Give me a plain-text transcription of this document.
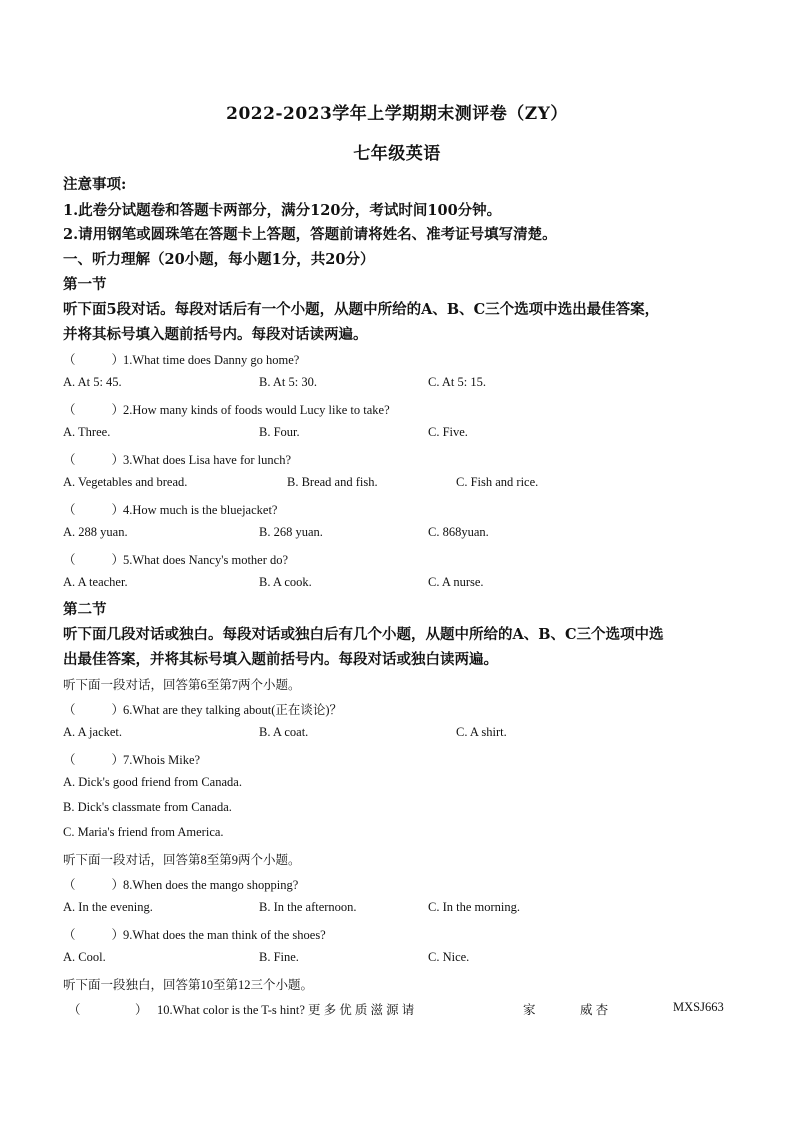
2022-2023学年上学期期末测评卷（ZY）
七年级英语
注意事项:
1.此卷分试题卷和答题卡两部分，满分120分，考试时间100分钟。
2.请用钢笔或圆珠笔在答题卡上答题，答题前请将姓名、准考证号填写清楚。
一、听力理解（20小题，每小题1分，共20分）
第一节
听下面5段对话。每段对话后有一个小题，从题中所给的A、B、C三个选项中选出最佳答案，
并将其标号填入题前括号内。每段对话读两遍。
（	）1.What time does Danny go home?
A. At 5: 45.	B. At 5: 30.	C. At 5: 15.
（	）2.How many kinds of foods would Lucy like to take?
A. Three.	B. Four.	C. Five.
（	）3.What does Lisa have for lunch?
A. Vegetables and bread.	B. Bread and fish.	C. Fish and rice.
（	）4.How much is the bluejacket?
A. 288 yuan.	B. 268 yuan.	C. 868yuan.
（	）5.What does Nancy's mother do?
A. A teacher.	B. A cook.	C. A nurse.
第二节
听下面几段对话或独白。每段对话或独白后有几个小题，从题中所给的A、B、C三个选项中选
出最佳答案，并将其标号填入题前括号内。每段对话或独白读两遍。
听下面一段对话，回答第6至第7两个小题。
（	）6.What are they talking about(正在谈论)？
A. A jacket.	B. A coat.	C. A shirt.
（	）7.Whois Mike?
A. Dick's good friend from Canada.
B. Dick's classmate from Canada.
C. Maria's friend from America.
听下面一段对话，回答第8至第9两个小题。
（	）8.When does the mango shopping?
A. In the evening.	B. In the afternoon.	C. In the morning.
（	）9.What does the man think of the shoes?
A. Cool.	B. Fine.	C. Nice.
听下面一段独白，回答第10至第12三个小题。
（	） 10.What color is the T-s hint? 更 多 优 质 滋 源 请	家	威 杏	MXSJ663
